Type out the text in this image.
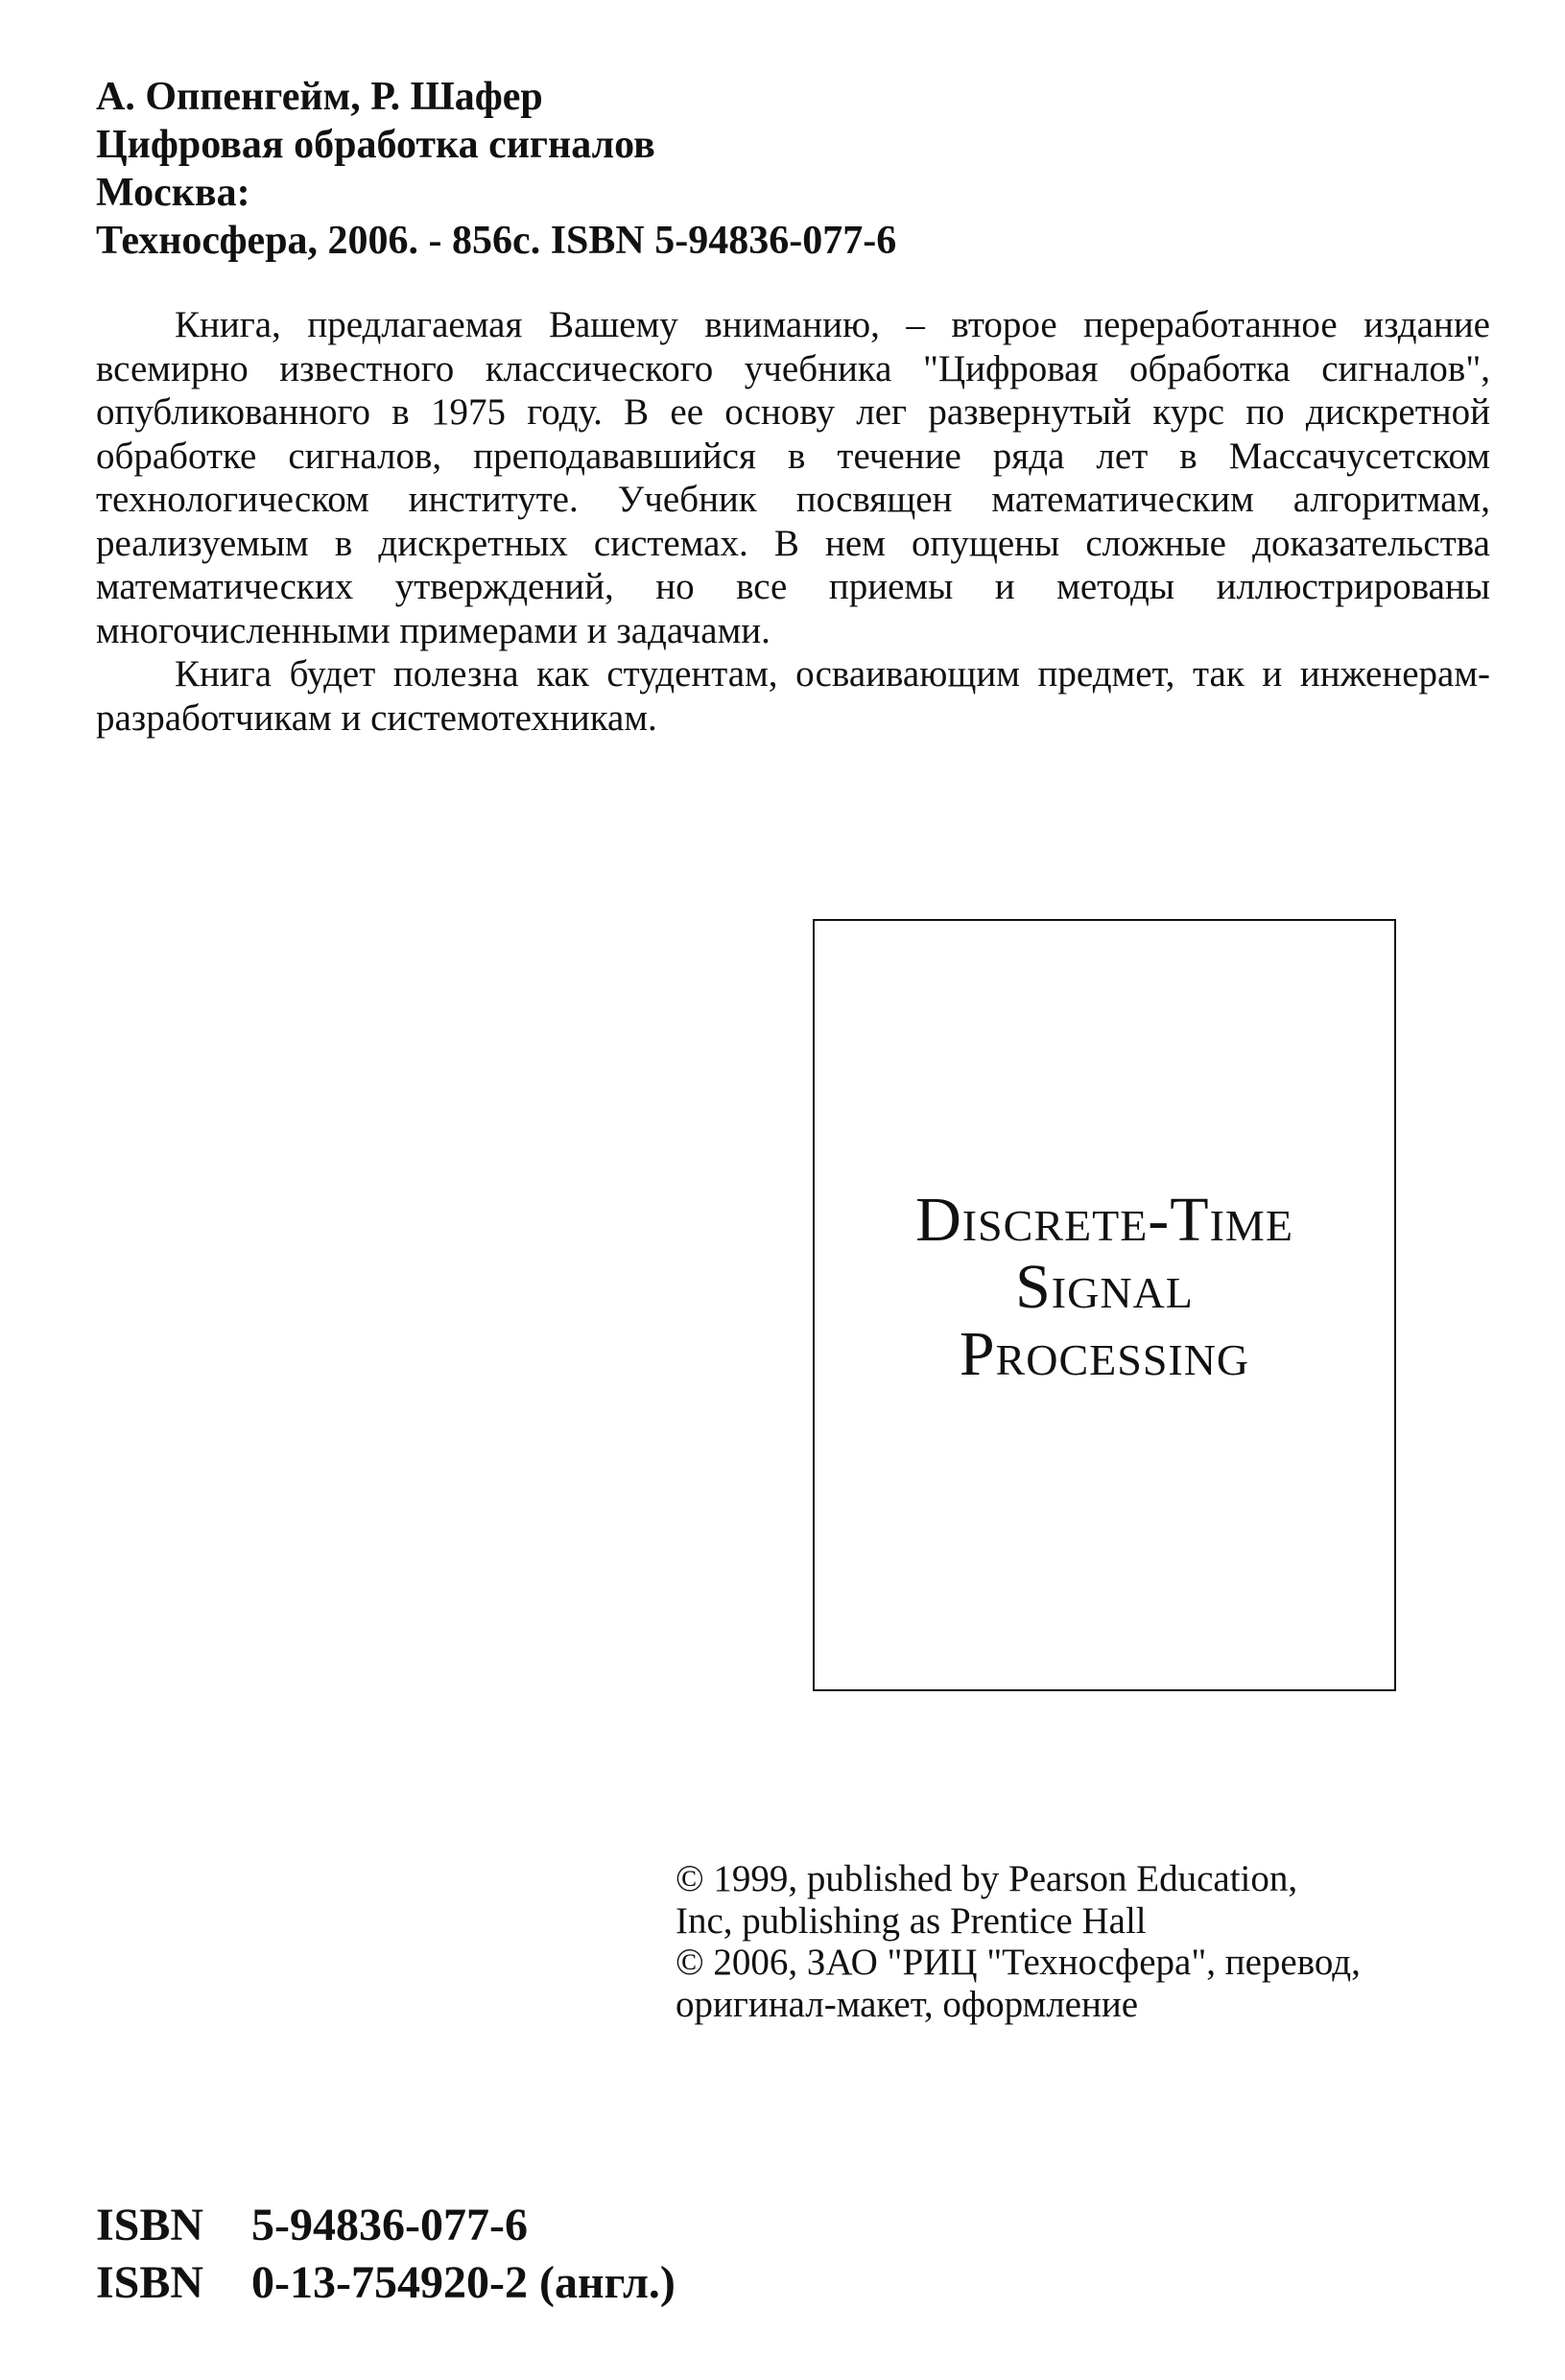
А. Оппенгейм, Р. Шафер
Цифровая обработка сигналов
Москва:
Техносфера, 2006. - 856с. ISBN 5-94836-077-6

Книга, предлагаемая Вашему вниманию, – второе переработанное издание всемирно известного классического учебника "Цифровая обработка сигналов", опубликованного в 1975 году. В ее основу лег развернутый курс по дискретной обработке сигналов, преподававшийся в течение ряда лет в Массачусетском технологическом институте. Учебник посвящен математическим алгоритмам, реализуемым в дискретных системах. В нем опущены сложные доказательства математических утверждений, но все приемы и методы иллюстрированы многочисленными примерами и задачами.

Книга будет полезна как студентам, осваивающим предмет, так и инженерам-разработчикам и системотехникам.

Discrete-Time
Signal
Processing
© 1999, published by Pearson Education,
Inc, publishing as Prentice Hall
© 2006, ЗАО "РИЦ "Техносфера", перевод,
оригинал-макет, оформление
ISBN 5-94836-077-6
ISBN 0-13-754920-2 (англ.)
